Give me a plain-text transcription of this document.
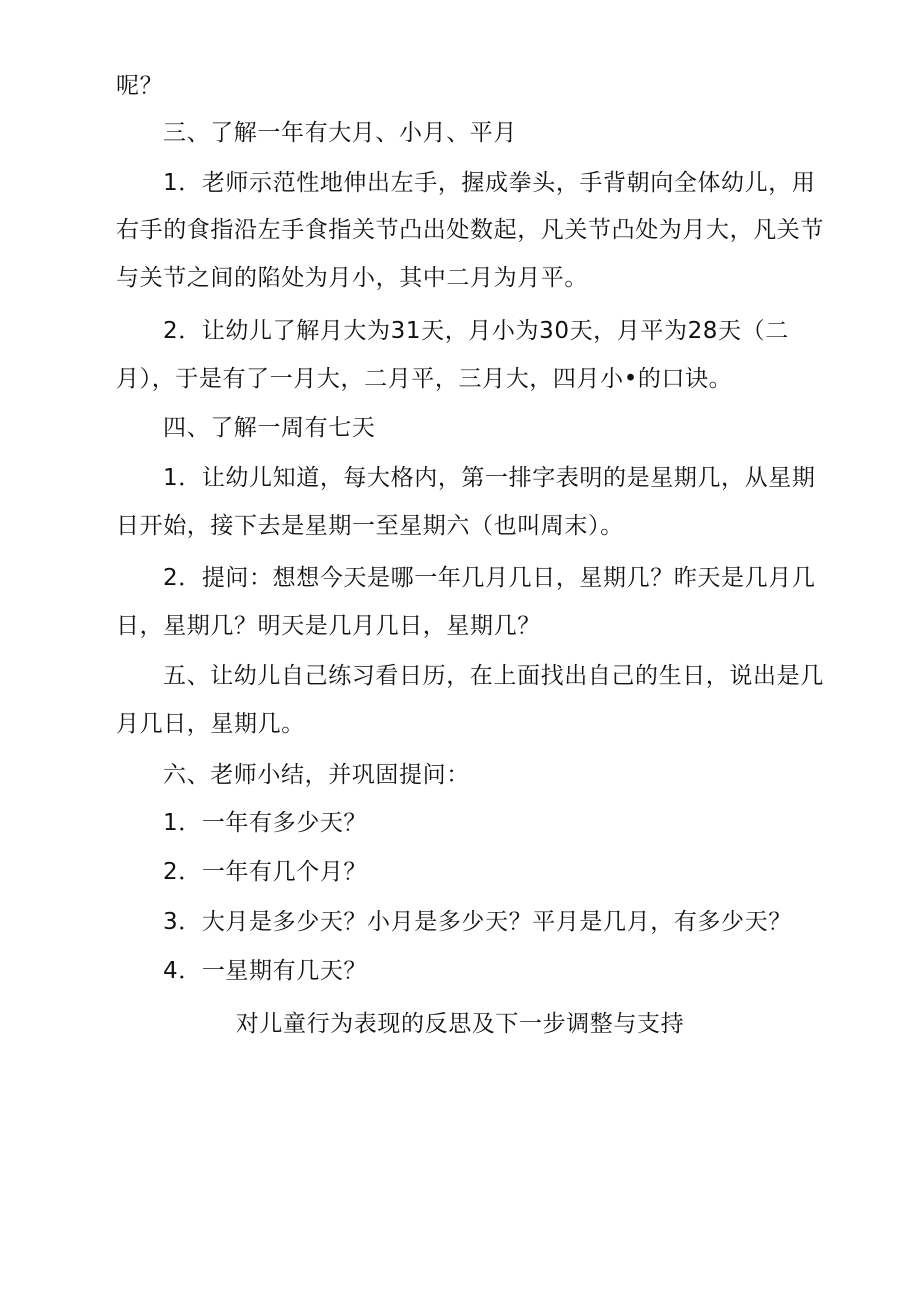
呢？
三、了解一年有大月、小月、平月
1．老师示范性地伸出左手，握成拳头，手背朝向全体幼儿，用
右手的食指沿左手食指关节凸出处数起，凡关节凸处为月大，凡关节
与关节之间的陷处为月小，其中二月为月平。
2．让幼儿了解月大为31天，月小为30天，月平为28天（二
月），于是有了一月大，二月平，三月大，四月小•的口诀。
四、了解一周有七天
1．让幼儿知道，每大格内，第一排字表明的是星期几，从星期
日开始，接下去是星期一至星期六（也叫周末）。
2．提问：想想今天是哪一年几月几日，星期几？昨天是几月几
日，星期几？明天是几月几日，星期几？
五、让幼儿自己练习看日历，在上面找出自己的生日，说出是几
月几日，星期几。
六、老师小结，并巩固提问：
1．一年有多少天？
2．一年有几个月？
3．大月是多少天？小月是多少天？平月是几月，有多少天？
4．一星期有几天？
对儿童行为表现的反思及下一步调整与支持
